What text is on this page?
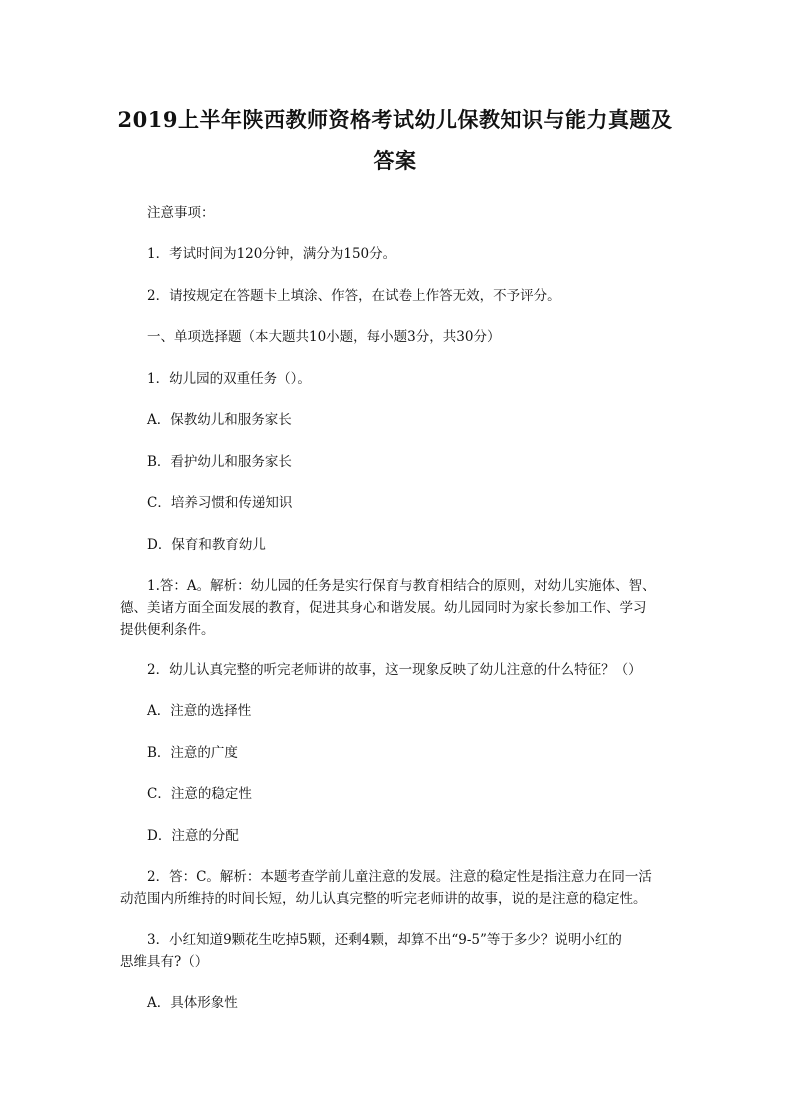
2019上半年陕西教师资格考试幼儿保教知识与能力真题及
答案
注意事项：
1．考试时间为120分钟，满分为150分。
2．请按规定在答题卡上填涂、作答，在试卷上作答无效，不予评分。
一、单项选择题（本大题共10小题，每小题3分，共30分）
1．幼儿园的双重任务（）。
A．保教幼儿和服务家长
B．看护幼儿和服务家长
C．培养习惯和传递知识
D．保育和教育幼儿
1.答：A。解析：幼儿园的任务是实行保育与教育相结合的原则，对幼儿实施体、智、
德、美诸方面全面发展的教育，促进其身心和谐发展。幼儿园同时为家长参加工作、学习
提供便利条件。
2．幼儿认真完整的听完老师讲的故事，这一现象反映了幼儿注意的什么特征？（）
A．注意的选择性
B．注意的广度
C．注意的稳定性
D．注意的分配
2．答：C。解析：本题考查学前儿童注意的发展。注意的稳定性是指注意力在同一活
动范围内所维持的时间长短，幼儿认真完整的听完老师讲的故事，说的是注意的稳定性。
3．小红知道9颗花生吃掉5颗，还剩4颗，却算不出“9-5”等于多少？说明小红的
思维具有?（）
A．具体形象性
